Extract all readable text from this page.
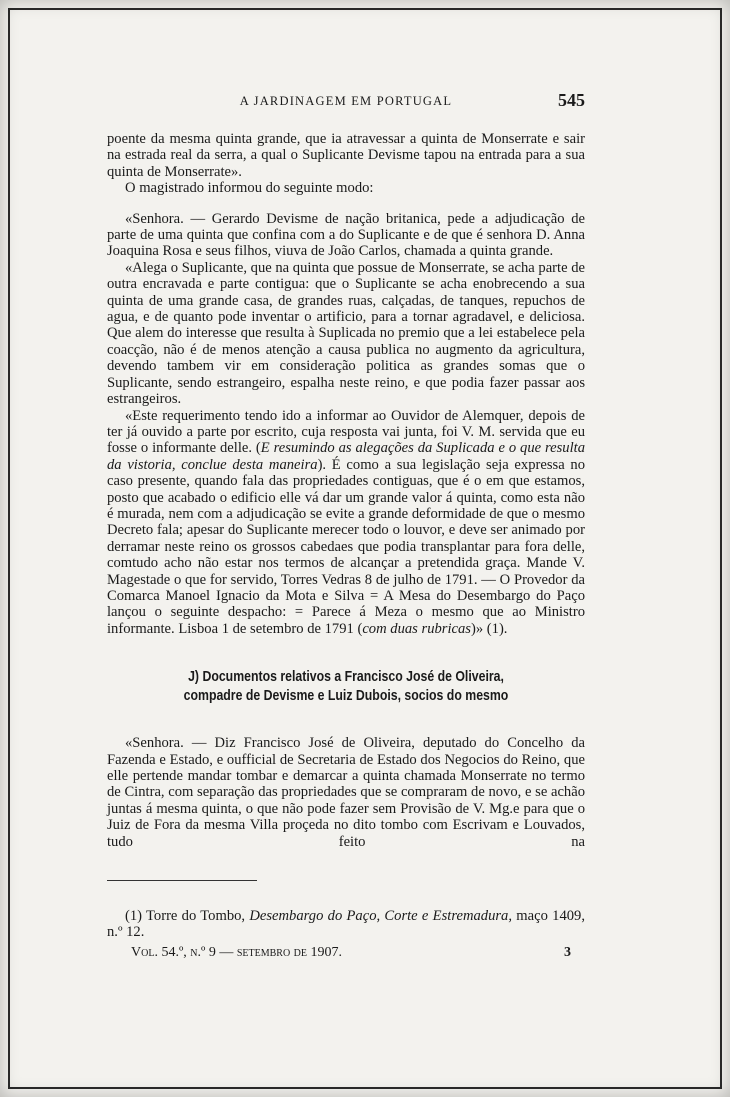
A JARDINAGEM EM PORTUGAL	545

poente da mesma quinta grande, que ia atravessar a quinta de Monserrate e sair na estrada real da serra, a qual o Suplicante Devisme tapou na entrada para a sua quinta de Monserrate».

O magistrado informou do seguinte modo:

«Senhora. — Gerardo Devisme de nação britanica, pede a adjudicação de parte de uma quinta que confina com a do Suplicante e de que é senhora D. Anna Joaquina Rosa e seus filhos, viuva de João Carlos, chamada a quinta grande.

«Alega o Suplicante, que na quinta que possue de Monserrate, se acha parte de outra encravada e parte contigua: que o Suplicante se acha enobrecendo a sua quinta de uma grande casa, de grandes ruas, calçadas, de tanques, repuchos de agua, e de quanto pode inventar o artificio, para a tornar agradavel, e deliciosa. Que alem do interesse que resulta à Suplicada no premio que a lei estabelece pela coacção, não é de menos atenção a causa publica no augmento da agricultura, devendo tambem vir em consideração politica as grandes somas que o Suplicante, sendo estrangeiro, espalha neste reino, e que podia fazer passar aos estrangeiros.

«Este requerimento tendo ido a informar ao Ouvidor de Alemquer, depois de ter já ouvido a parte por escrito, cuja resposta vai junta, foi V. M. servida que eu fosse o informante delle. (E resumindo as alegações da Suplicada e o que resulta da vistoria, conclue desta maneira). É como a sua legislação seja expressa no caso presente, quando fala das propriedades contiguas, que é o em que estamos, posto que acabado o edificio elle vá dar um grande valor á quinta, como esta não é murada, nem com a adjudicação se evite a grande deformidade de que o mesmo Decreto fala; apesar do Suplicante merecer todo o louvor, e deve ser animado por derramar neste reino os grossos cabedaes que podia transplantar para fora delle, comtudo acho não estar nos termos de alcançar a pretendida graça. Mande V. Magestade o que for servido, Torres Vedras 8 de julho de 1791. — O Provedor da Comarca Manoel Ignacio da Mota e Silva = A Mesa do Desembargo do Paço lançou o seguinte despacho: = Parece á Meza o mesmo que ao Ministro informante. Lisboa 1 de setembro de 1791 (com duas rubricas)» (1).

J) Documentos relativos a Francisco José de Oliveira,
compadre de Devisme e Luiz Dubois, socios do mesmo

«Senhora. — Diz Francisco José de Oliveira, deputado do Concelho da Fazenda e Estado, e oufficial de Secretaria de Estado dos Negocios do Reino, que elle pertende mandar tombar e demarcar a quinta chamada Monserrate no termo de Cintra, com separação das propriedades que se compraram de novo, e se achão juntas á mesma quinta, o que não pode fazer sem Provisão de V. Mg.e para que o Juiz de Fora da mesma Villa proçeda no dito tombo com Escrivam e Louvados, tudo feito na

(1) Torre do Tombo, Desembargo do Paço, Corte e Estremadura, maço 1409, n.º 12.
Vol. 54.º, n.º 9 — setembro de 1907.	3
